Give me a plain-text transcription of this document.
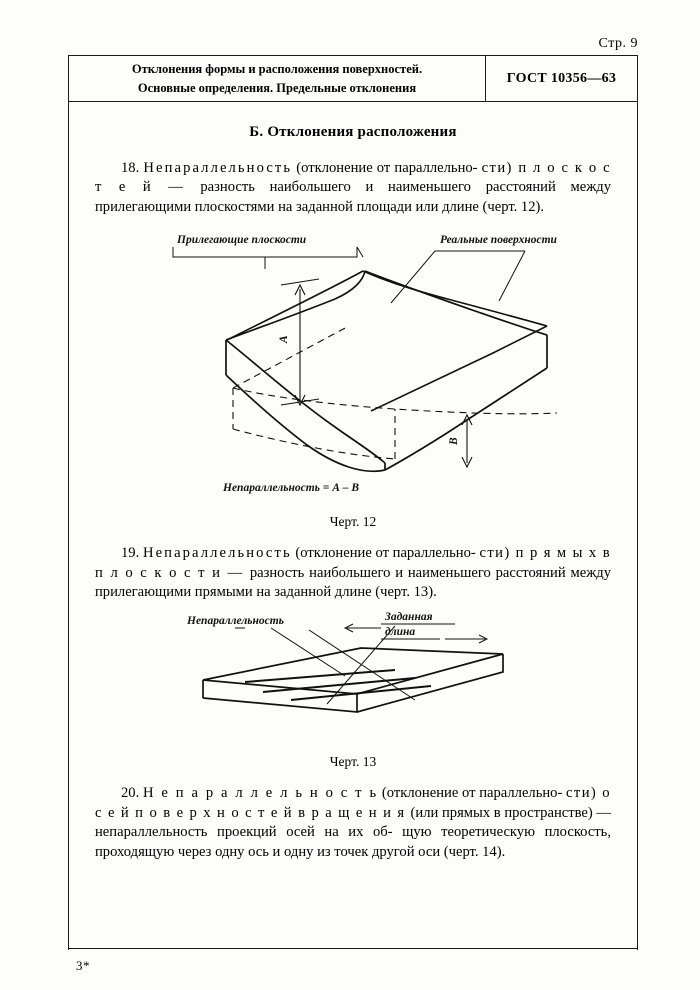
Стр. 9
Отклонения формы и расположения поверхностей.
Основные определения. Предельные отклонения
ГОСТ 10356—63
Б. Отклонения расположения

18. Непараллельность (отклонение от параллельно- сти) п л о с к о с т е й — разность наибольшего и наименьшего расстояний между прилегающими плоскостями на заданной площади или длине (черт. 12).

Прилегающие плоскости	Реальные поверхности
А
В
Непараллельность = А – В
Черт. 12

19. Непараллельность (отклонение от параллельно- сти) п р я м ы х в п л о с к о с т и — разность наибольшего и наименьшего расстояний между прилегающими прямыми на заданной длине (черт. 13).

Непараллельность	Заданная
длина
Черт. 13

20. Н е п а р а л л е л ь н о с т ь (отклонение от параллельно- сти) о с е й п о в е р х н о с т е й в р а щ е н и я (или прямых в пространстве) — непараллельность проекций осей на их об- щую теоретическую плоскость, проходящую через одну ось и одну из точек другой оси (черт. 14).

3*
